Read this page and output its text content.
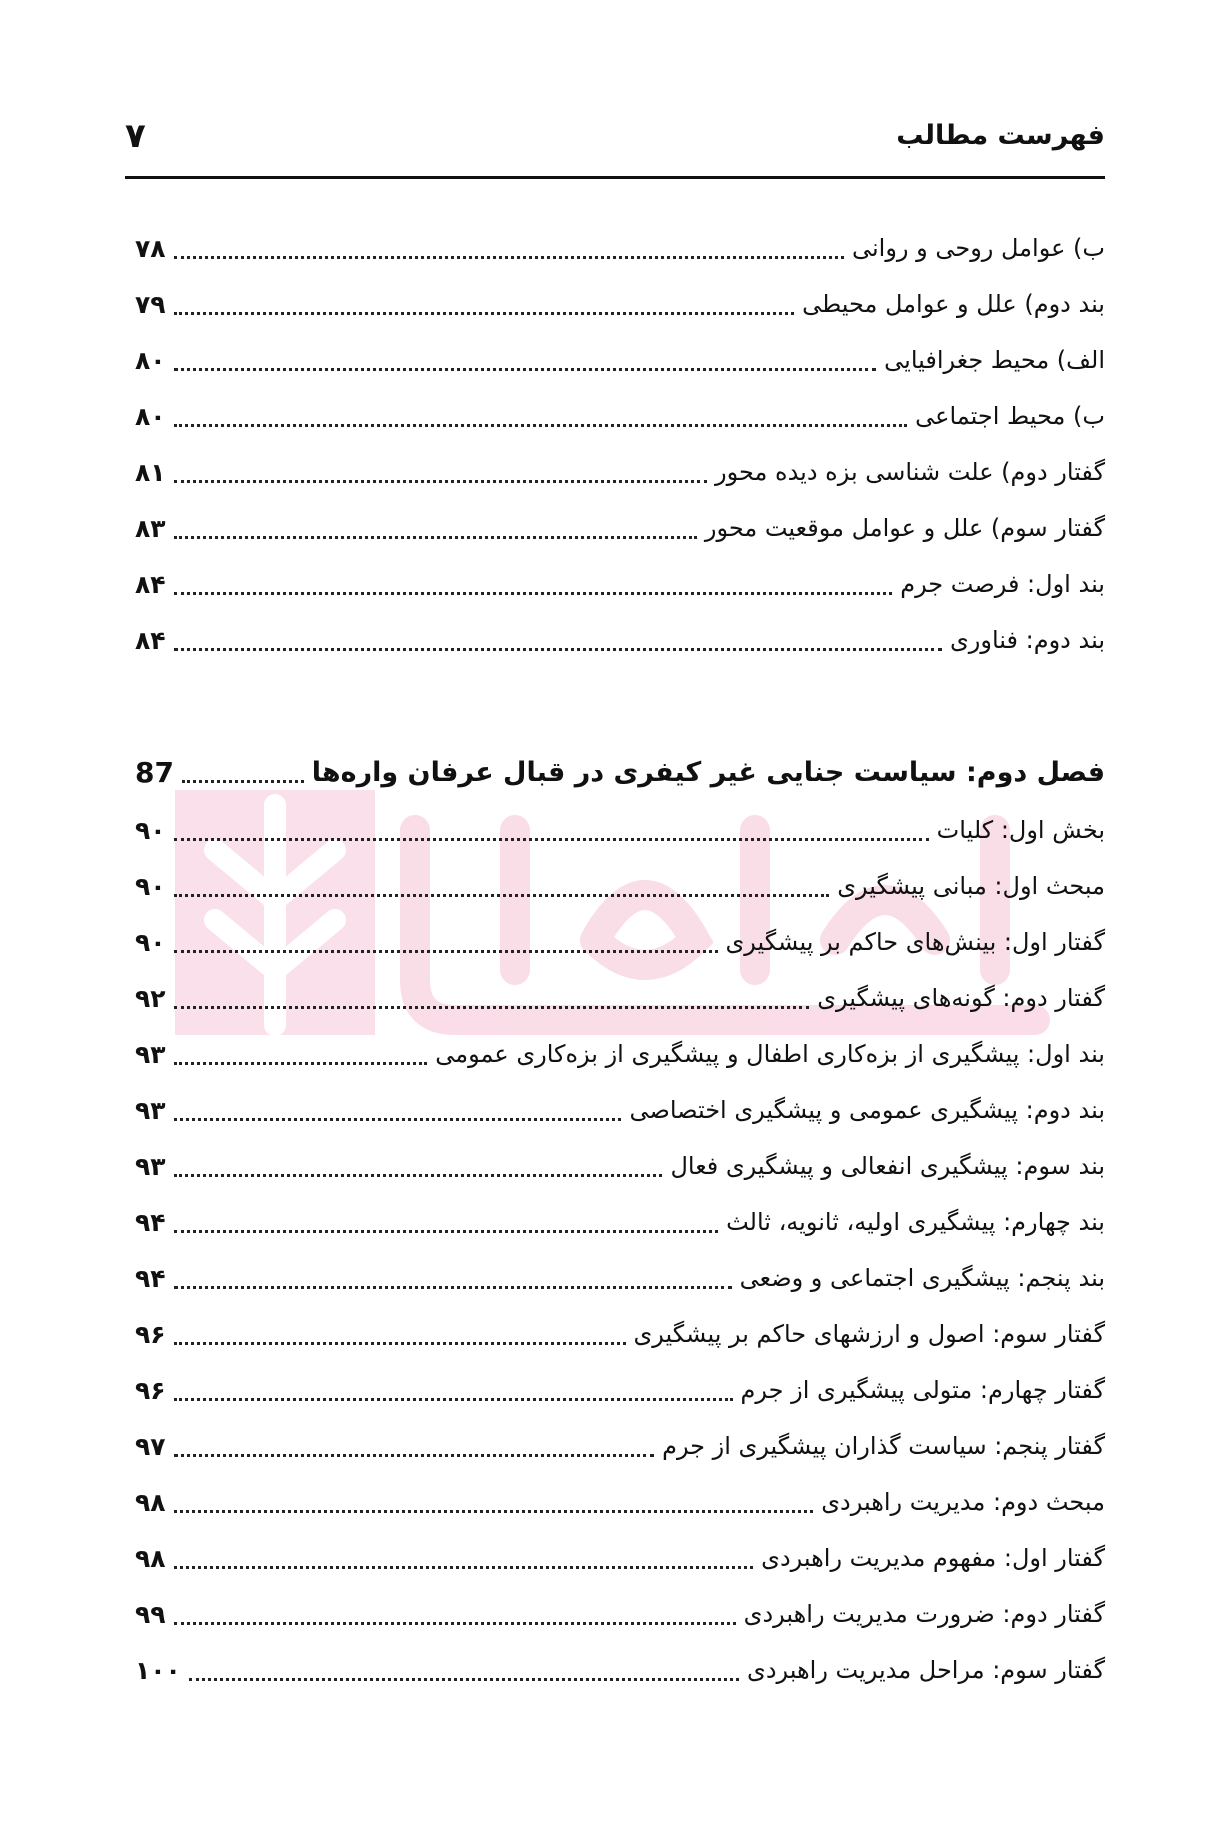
فهرست مطالب
۷
ب) عوامل روحی و روانی
۷۸
بند دوم) علل و عوامل محیطی
۷۹
الف) محیط جغرافیایی
۸۰
ب) محیط اجتماعی
۸۰
گفتار دوم) علت شناسی بزه دیده محور
۸۱
گفتار سوم) علل و عوامل موقعیت محور
۸۳
بند اول: فرصت جرم
۸۴
بند دوم: فناوری
۸۴
فصل دوم: سیاست جنایی غیر کیفری در قبال عرفان واره‌ها
87
بخش اول: کلیات
۹۰
مبحث اول: مبانی پیشگیری
۹۰
گفتار اول: بینش‌های حاکم بر پیشگیری
۹۰
گفتار دوم: گونه‌های پیشگیری
۹۲
بند اول: پیشگیری از بزه‌کاری اطفال و پیشگیری از بزه‌کاری عمومی
۹۳
بند دوم: پیشگیری عمومی و پیشگیری اختصاصی
۹۳
بند سوم: پیشگیری انفعالی و پیشگیری فعال
۹۳
بند چهارم: پیشگیری اولیه، ثانویه، ثالث
۹۴
بند پنجم: پیشگیری اجتماعی و وضعی
۹۴
گفتار سوم: اصول و ارزشهای حاکم بر پیشگیری
۹۶
گفتار چهارم: متولی پیشگیری از جرم
۹۶
گفتار پنجم: سیاست گذاران پیشگیری از جرم
۹۷
مبحث دوم: مدیریت راهبردی
۹۸
گفتار اول: مفهوم مدیریت راهبردی
۹۸
گفتار دوم: ضرورت مدیریت راهبردی
۹۹
گفتار سوم: مراحل مدیریت راهبردی
۱۰۰
